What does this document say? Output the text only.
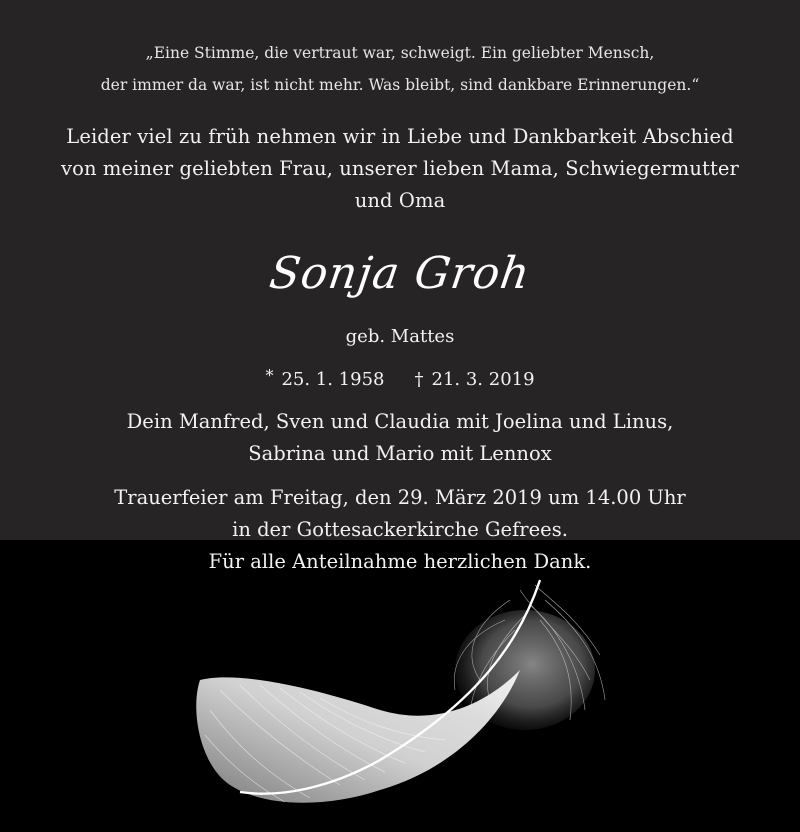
„Eine Stimme, die vertraut war, schweigt. Ein geliebter Mensch,
der immer da war, ist nicht mehr. Was bleibt, sind dankbare Erinnerungen.“
Leider viel zu früh nehmen wir in Liebe und Dankbarkeit Abschied
von meiner geliebten Frau, unserer lieben Mama, Schwiegermutter
und Oma
Sonja Groh
geb. Mattes
* 25. 1. 1958 † 21. 3. 2019
Dein Manfred, Sven und Claudia mit Joelina und Linus,
Sabrina und Mario mit Lennox
Trauerfeier am Freitag, den 29. März 2019 um 14.00 Uhr
in der Gottesackerkirche Gefrees.
Für alle Anteilnahme herzlichen Dank.
